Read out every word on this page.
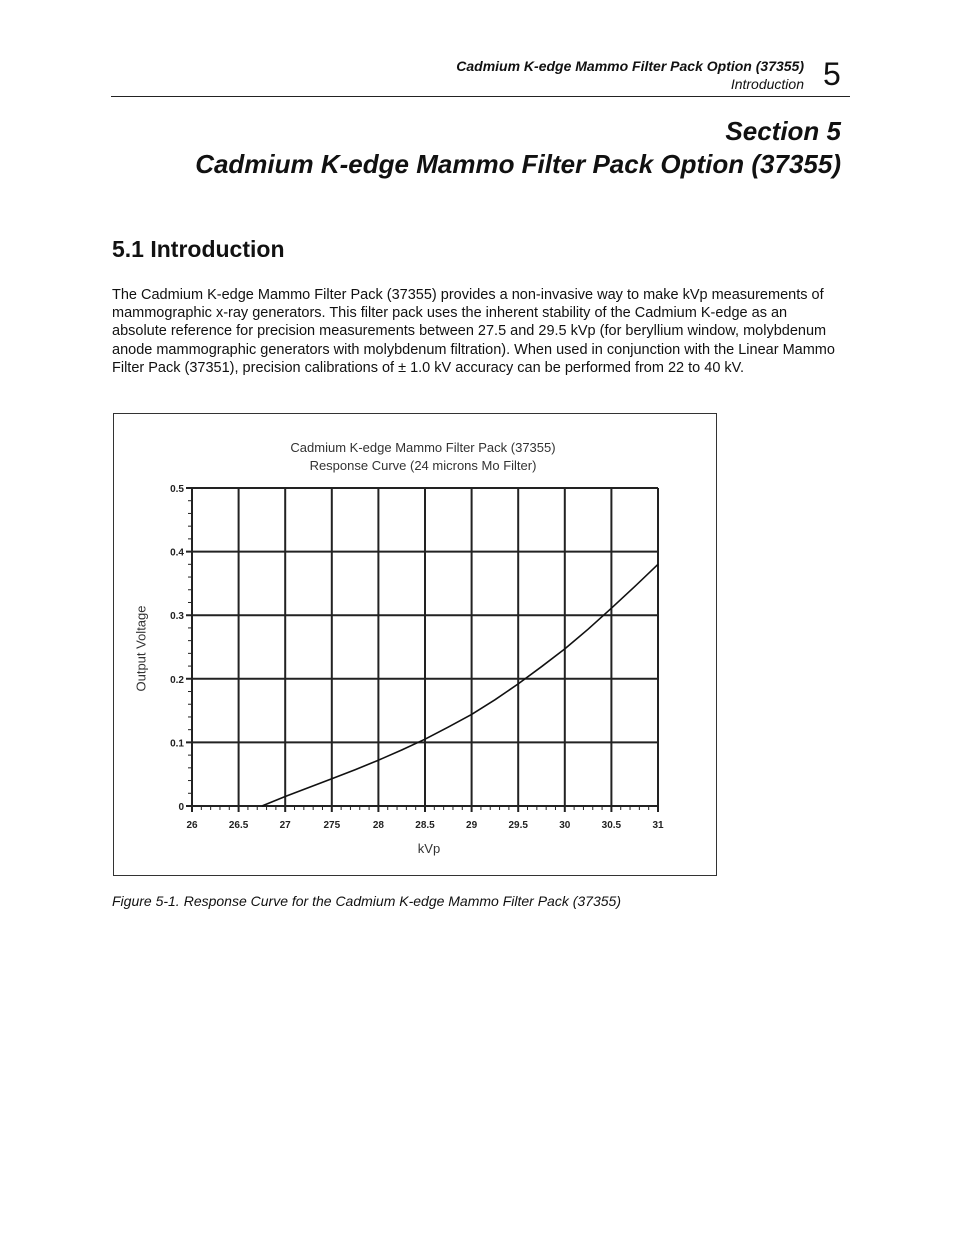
Cadmium K-edge Mammo Filter Pack Option (37355)
Introduction 5
Section 5
Cadmium K-edge Mammo Filter Pack Option (37355)
5.1 Introduction

The Cadmium K-edge Mammo Filter Pack (37355) provides a non-invasive way to make kVp measurements of mammographic x-ray generators. This filter pack uses the inherent stability of the Cadmium K-edge as an absolute reference for precision measurements between 27.5 and 29.5 kVp (for beryllium window, molybdenum anode mammographic generators with molybdenum filtration). When used in conjunction with the Linear Mammo Filter Pack (37351), precision calibrations of ± 1.0 kV accuracy can be performed from 22 to 40 kV.

Cadmium K-edge Mammo Filter Pack (37355)
Response Curve (24 microns Mo Filter)
Output Voltage
26	26.5	27	275	28	28.5	29	29.5	30	30.5	31
0
0.1
0.2
0.3
0.4
0.5
kVp
Figure 5-1. Response Curve for the Cadmium K-edge Mammo Filter Pack (37355)
